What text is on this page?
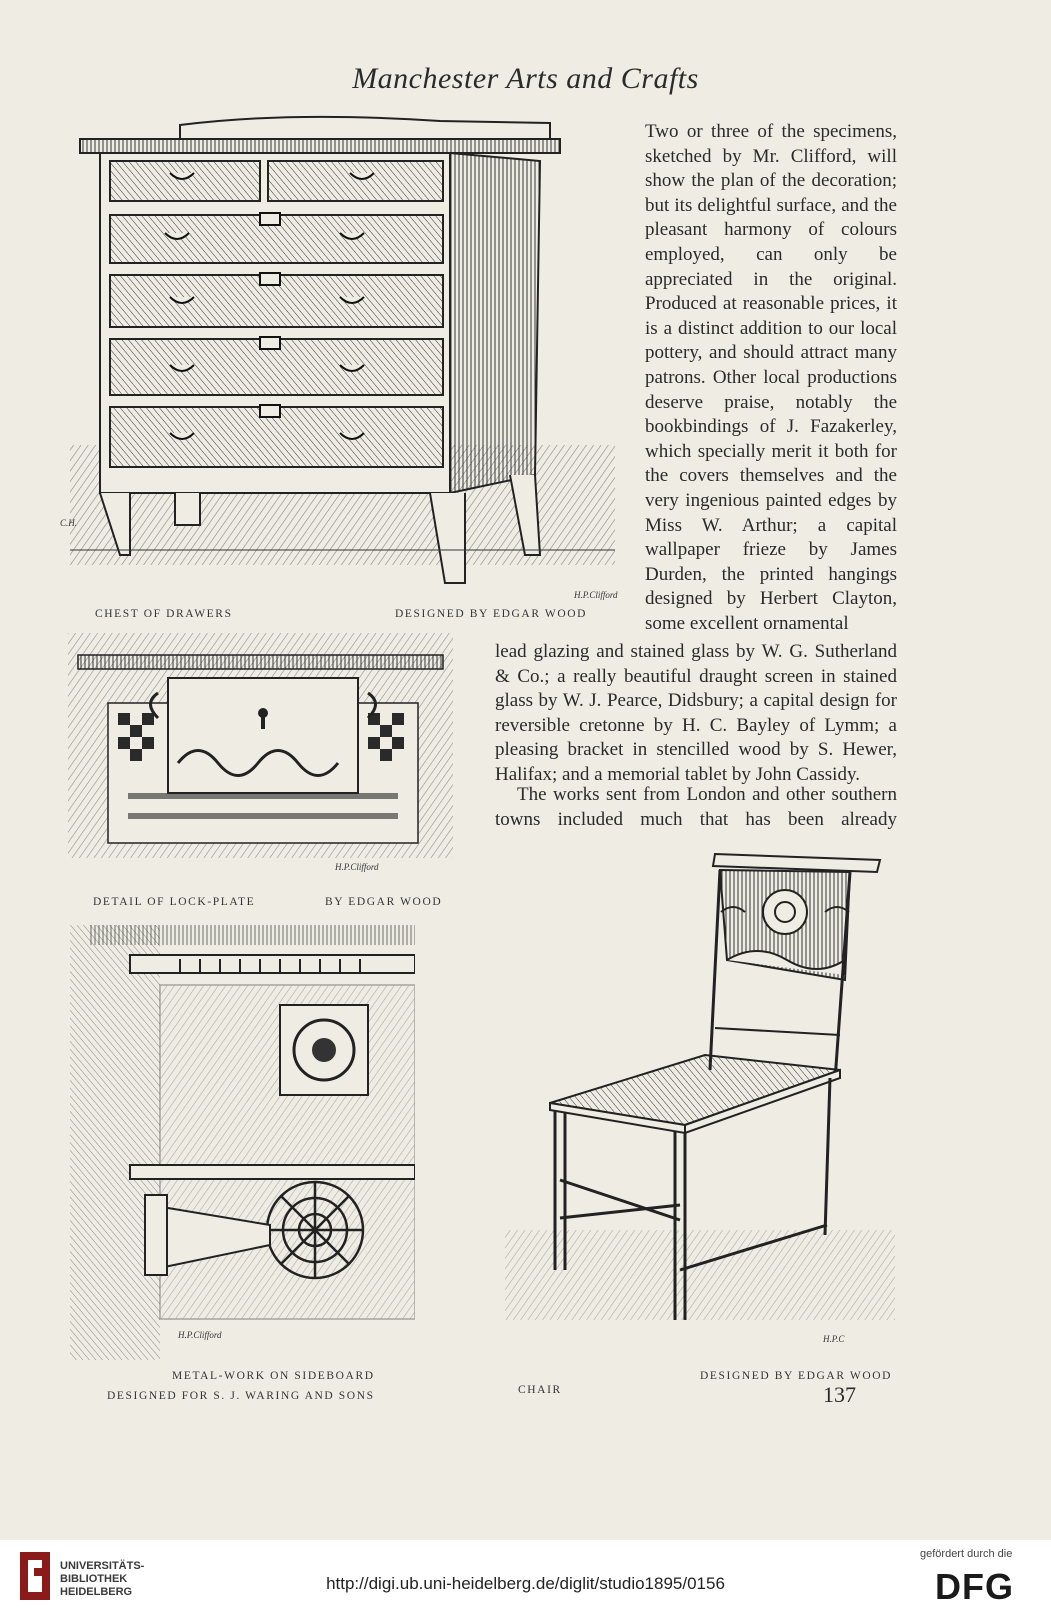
Manchester Arts and Crafts
H.P.Clifford
C.H.
CHEST OF DRAWERS	DESIGNED BY EDGAR WOOD
Two or three of the specimens, sketched by Mr. Clifford, will show the plan of the decoration; but its delightful surface, and the pleasant harmony of colours employed, can only be appreciated in the original. Produced at reasonable prices, it is a distinct addition to our local pottery, and should attract many patrons. Other local productions deserve praise, notably the bookbindings of J. Fazakerley, which specially merit it both for the covers themselves and the very ingenious painted edges by Miss W. Arthur; a capital wallpaper frieze by James Durden, the printed hangings designed by Herbert Clayton, some excellent ornamental
lead glazing and stained glass by W. G. Sutherland & Co.; a really beautiful draught screen in stained glass by W. J. Pearce, Didsbury; a capital design for reversible cretonne by H. C. Bayley of Lymm; a pleasing bracket in stencilled wood by S. Hewer, Halifax; and a memorial tablet by John Cassidy.
The works sent from London and other southern towns included much that has been already
H.P.Clifford
DETAIL OF LOCK-PLATE	BY EDGAR WOOD
H.P.Clifford
METAL-WORK ON SIDEBOARD
DESIGNED FOR S. J. WARING AND SONS
H.P.C
CHAIR
DESIGNED BY EDGAR WOOD
137
UNIVERSITÄTS-
BIBLIOTHEK
HEIDELBERG	http://digi.ub.uni-heidelberg.de/diglit/studio1895/0156
gefördert durch die
DFG
